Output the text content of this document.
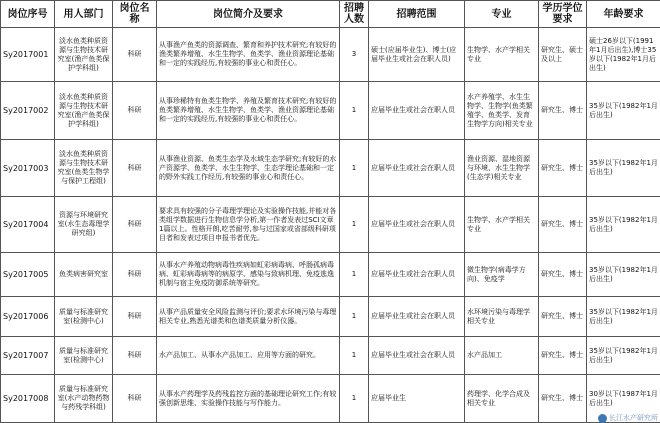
岗位序号	用人部门	岗位名称	岗位简介及要求	招聘人数	招聘范围	专业	学历学位要求	年龄要求
Sy2017001	淡水鱼类种质资源与生物技术研究室(渔产鱼类保护学科组)	科研	从事渔产鱼类的资源调查、繁育和养护技术研究;有较好的渔类繁养增殖、水生生物学、鱼类学、渔业资源理论基础和一定的实践经历,有较强的事业心和责任心。	3	硕士(应届毕业生)、博士(应届毕业生或社会在职人员)	生物学、水产学相关专业	研究生、硕士及以上	硕士26岁以下(1991年1月后出生),博士35岁以下(1982年1月后出生)
Sy2017002	淡水鱼类种质资源与生物技术研究室(渔产鱼类保护学科组)	科研	从事珍稀特有鱼类生物学、养殖及繁育技术研究;有较好的鱼类繁养增殖、水生生物学、鱼类学、渔业资源理论基础和一定的实践经历,有较强的事业心和责任心。	1	应届毕业生或社会在职人员	水产养殖学、水生生物学、生物学(鱼类繁殖学、鱼类学、发育生物学方向)相关专业	研究生、博士	35岁以下(1982年1月后出生)
Sy2017003	淡水鱼类种质资源与生物技术研究室(鱼类生物学与保护工程组)	科研	从事渔业资源、鱼类生态学及水域生态学研究;有较好的水产资源学、鱼类学、水生生物学、生态学理论基础和一定的野外实践工作经历,有较强的事业心和责任心。	1	应届毕业生或社会在职人员	渔业资源、湿地资源与环境、水生生物学(生态学)相关专业	研究生、博士	35岁以下(1982年1月后出生)
Sy2017004	资源与环境研究室(水生态毒理学研究组)	科研	要求具有较强的分子毒理学理论及实验操作技能,并能对各类组学数据进行生物信息学分析,第一作者发表过SCI文章1篇以上。性格开朗,吃苦耐劳,参与过国家或省部级科研项目者和发表过项目申报书者优先。	1	应届毕业生或社会在职人员	生物学、水产学相关专业	研究生、博士	35岁以下(1982年1月后出生)
Sy2017005	鱼类病害研究室	科研	从事水产养殖动物病毒性疾病如虹彩病毒病、呼肠孤病毒病、虹彩病毒病等的病原学、感染与致病机理、免疫逃逸机制与宿主免疫防御系统等研究。	1	应届毕业生或社会在职人员	微生物学(病毒学方向)、免疫学	研究生、博士	35岁以下(1982年1月后出生)
Sy2017006	质量与标准研究室(检测中心)	科研	从事产品质量安全风险监测与评价;要求水环境污染与毒理相关专业,熟悉光谱类和色谱类质量分析仪器。	1	应届毕业生或社会在职人员	水环境污染与毒理学相关专业	研究生、博士	35岁以下(1982年1月后出生)
Sy2017007	质量与标准研究室(检测中心)	科研	水产品加工、从事水产品加工、应用等方面的研究。	1	应届毕业生或社会在职人员	水产品加工	研究生、博士	35岁以下(1982年1月后出生)
Sy2017008	质量与标准研究室(水产动物药物与药残学科组)	科研	从事水产药理学及药残监控方面的基础理论研究工作;有较强创新思维、实验操作技能与写作能力。	1	应届毕业生	药理学、化学合成及相关专业	研究生、博士	30岁以下(1987年1月后出生)
长江水产研究所
